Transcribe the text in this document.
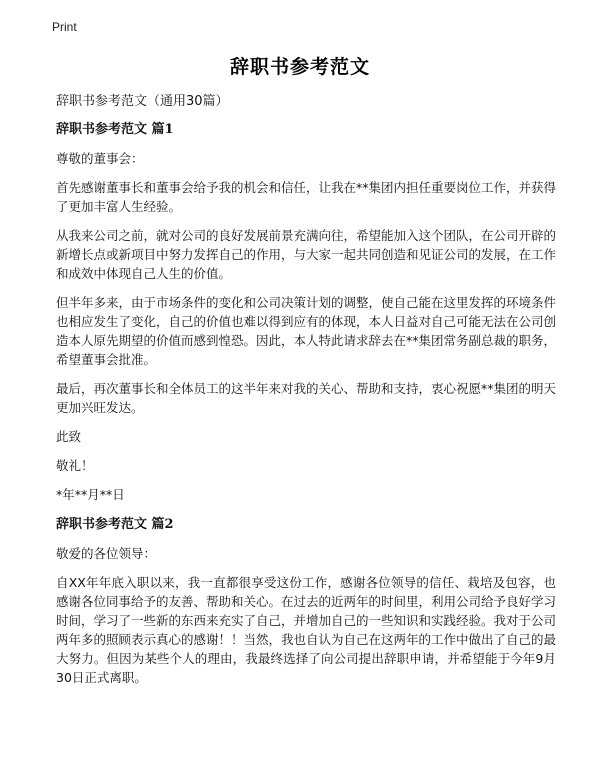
Print
辞职书参考范文

辞职书参考范文（通用30篇）

辞职书参考范文 篇1

尊敬的董事会：

首先感谢董事长和董事会给予我的机会和信任，让我在**集团内担任重要岗位工作，并获得了更加丰富人生经验。

从我来公司之前，就对公司的良好发展前景充满向往，希望能加入这个团队，在公司开辟的新增长点或新项目中努力发挥自己的作用，与大家一起共同创造和见证公司的发展，在工作和成效中体现自己人生的价值。

但半年多来，由于市场条件的变化和公司决策计划的调整，使自己能在这里发挥的环境条件也相应发生了变化，自己的价值也难以得到应有的体现，本人日益对自己可能无法在公司创造本人原先期望的价值而感到惶恐。因此，本人特此请求辞去在**集团常务副总裁的职务，希望董事会批准。

最后，再次董事长和全体员工的这半年来对我的关心、帮助和支持，衷心祝愿**集团的明天更加兴旺发达。

此致

敬礼！

*年**月**日

辞职书参考范文 篇2

敬爱的各位领导：

自XX年年底入职以来，我一直都很享受这份工作，感谢各位领导的信任、栽培及包容，也感谢各位同事给予的友善、帮助和关心。在过去的近两年的时间里，利用公司给予良好学习时间，学习了一些新的东西来充实了自己，并增加自己的一些知识和实践经验。我对于公司两年多的照顾表示真心的感谢！！当然，我也自认为自己在这两年的工作中做出了自己的最大努力。但因为某些个人的理由，我最终选择了向公司提出辞职申请，并希望能于今年9月30日正式离职。
